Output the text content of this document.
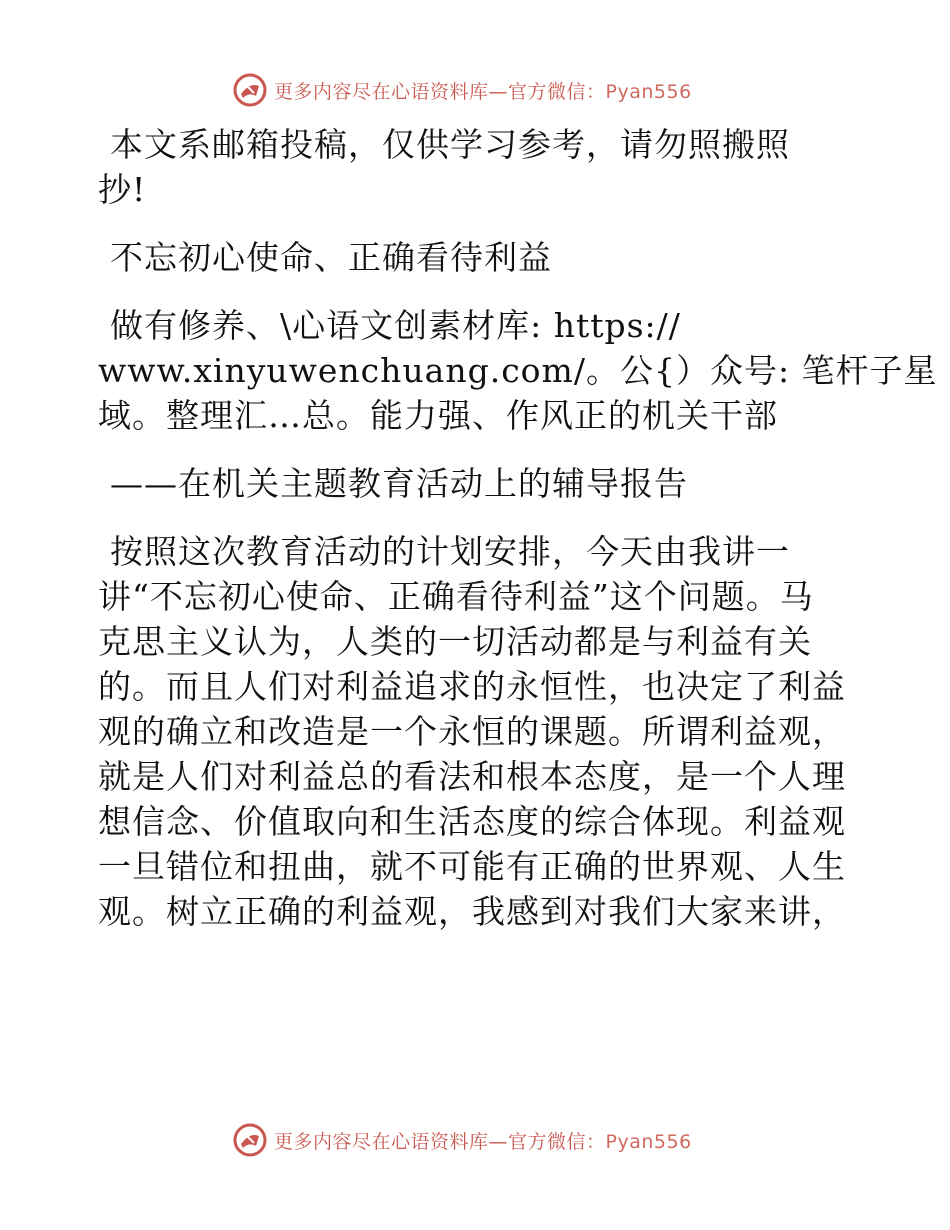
更多内容尽在心语资料库—官方微信：Pyan556

本文系邮箱投稿，仅供学习参考，请勿照搬照

抄!

不忘初心使命、正确看待利益

做有修养、\心语文创素材库: https://

www.xinyuwenchuang.com/。公{）众号: 笔杆子星

域。整理汇…总。能力强、作风正的机关干部

——在机关主题教育活动上的辅导报告

按照这次教育活动的计划安排，今天由我讲一

讲“不忘初心使命、正确看待利益”这个问题。马

克思主义认为，人类的一切活动都是与利益有关

的。而且人们对利益追求的永恒性，也决定了利益

观的确立和改造是一个永恒的课题。所谓利益观，

就是人们对利益总的看法和根本态度，是一个人理

想信念、价值取向和生活态度的综合体现。利益观

一旦错位和扭曲，就不可能有正确的世界观、人生

观。树立正确的利益观，我感到对我们大家来讲，

更多内容尽在心语资料库—官方微信：Pyan556
